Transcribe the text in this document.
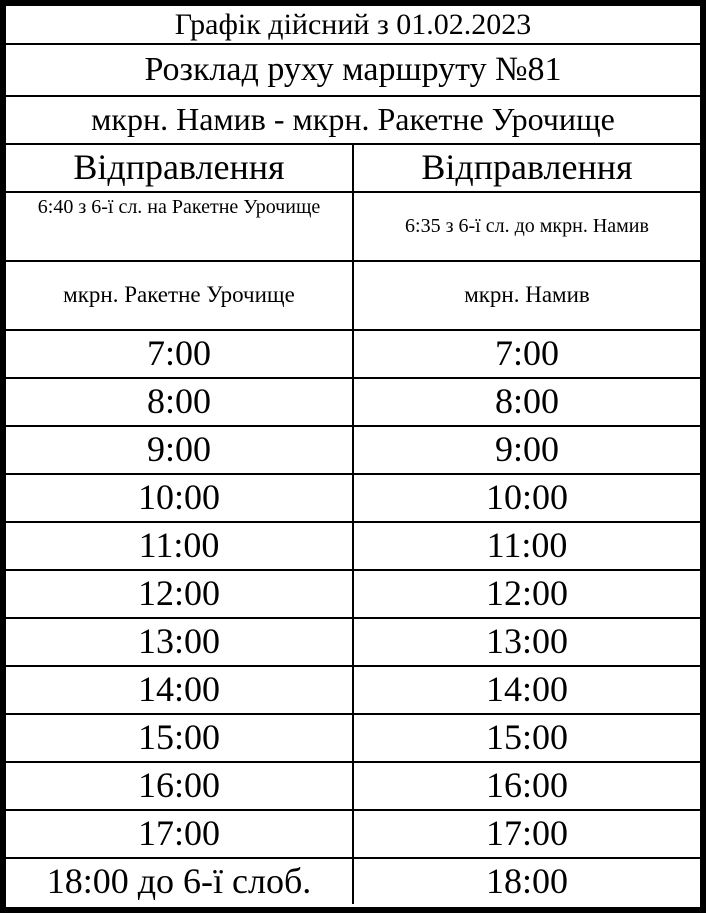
Графік дійсний з 01.02.2023	
Розклад руху маршруту №81	
мкрн. Намив - мкрн. Ракетне Урочище	
Відправлення	Відправлення
6:40 з 6-ї сл. на Ракетне Урочище	6:35 з 6-ї сл. до мкрн. Намив
мкрн. Ракетне Урочище	мкрн. Намив
7:00	7:00
8:00	8:00
9:00	9:00
10:00	10:00
11:00	11:00
12:00	12:00
13:00	13:00
14:00	14:00
15:00	15:00
16:00	16:00
17:00	17:00
18:00 до 6-ї слоб.	18:00
